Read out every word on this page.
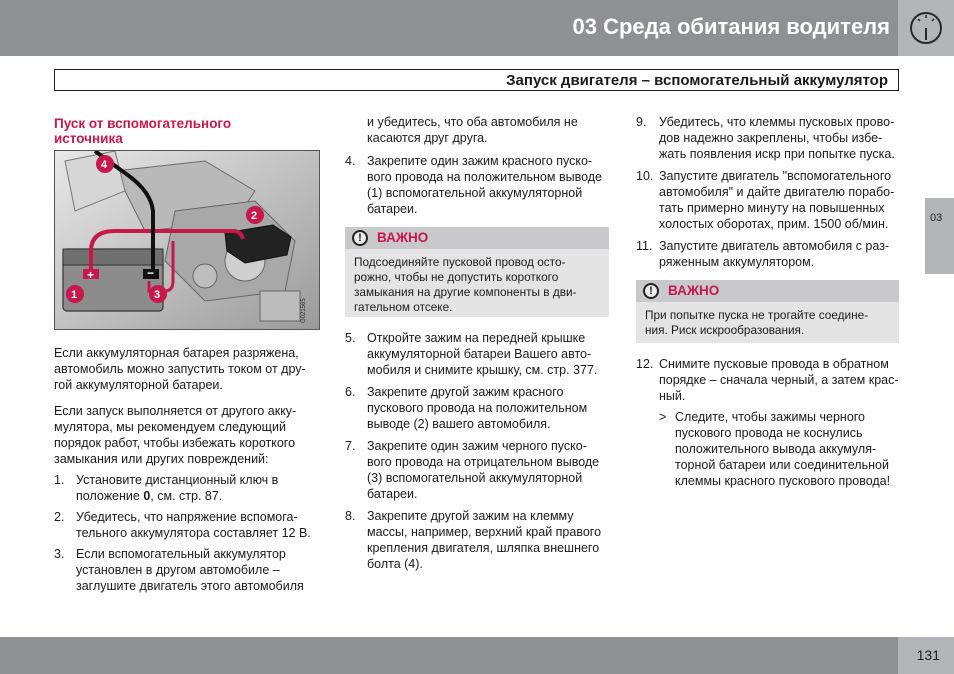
03 Среда обитания водителя
Запуск двигателя – вспомогательный аккумулятор
03

Пуск от вспомогательного

источника

+	−
4
2
1	3
G021565

Если аккумуляторная батарея разряжена,

автомобиль можно запустить током от дру-

гой аккумуляторной батареи.

Если запуск выполняется от другого акку-

мулятора, мы рекомендуем следующий

порядок работ, чтобы избежать короткого

замыкания или других повреждений:

1. Установите дистанционный ключ в

положение 0, см. стр. 87.

2. Убедитесь, что напряжение вспомога-

тельного аккумулятора составляет 12 В.

3. Если вспомогательный аккумулятор

установлен в другом автомобиле –

заглушите двигатель этого автомобиля

и убедитесь, что оба автомобиля не

касаются друг друга.

4. Закрепите один зажим красного пуско-

вого провода на положительном выводе

(1) вспомогательной аккумуляторной

батареи.

!	ВАЖНО
Подсоединяйте пусковой провод осто-
рожно, чтобы не допустить короткого
замыкания на другие компоненты в дви-
гательном отсеке.
5. Откройте зажим на передней крышке

аккумуляторной батареи Вашего авто-

мобиля и снимите крышку, см. стр. 377.

6. Закрепите другой зажим красного

пускового провода на положительном

выводе (2) вашего автомобиля.

7. Закрепите один зажим черного пуско-

вого провода на отрицательном выводе

(3) вспомогательной аккумуляторной

батареи.

8. Закрепите другой зажим на клемму

массы, например, верхний край правого

крепления двигателя, шляпка внешнего

болта (4).

9. Убедитесь, что клеммы пусковых прово-

дов надежно закреплены, чтобы избе-

жать появления искр при попытке пуска.

10. Запустите двигатель "вспомогательного

автомобиля" и дайте двигателю порабо-

тать примерно минуту на повышенных

холостых оборотах, прим. 1500 об/мин.

11. Запустите двигатель автомобиля с раз-

ряженным аккумулятором.

!	ВАЖНО
При попытке пуска не трогайте соедине-
ния. Риск искрообразования.
12. Снимите пусковые провода в обратном

порядке – сначала черный, а затем крас-

ный.

> Следите, чтобы зажимы черного

пускового провода не коснулись

положительного вывода аккумуля-

торной батареи или соединительной

клеммы красного пускового провода!

131
